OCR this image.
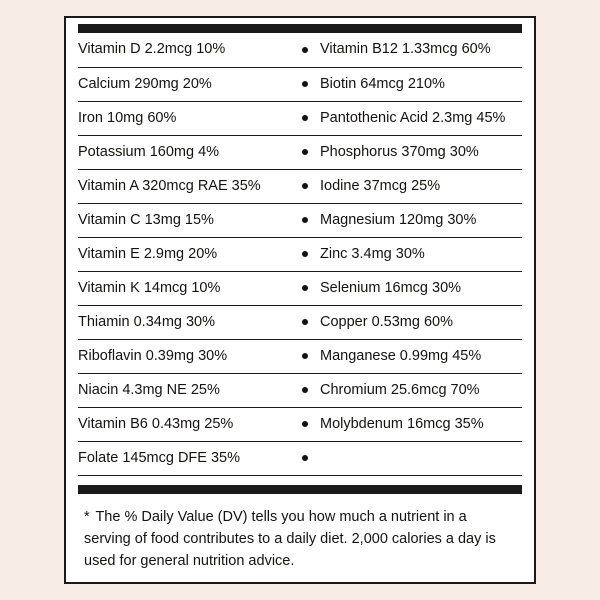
Vitamin D 2.2mcg 10%		Vitamin B12 1.33mcg 60%
Calcium 290mg 20%		Biotin 64mcg 210%
Iron 10mg 60%		Pantothenic Acid 2.3mg 45%
Potassium 160mg 4%		Phosphorus 370mg 30%
Vitamin A 320mcg RAE 35%		Iodine 37mcg 25%
Vitamin C 13mg 15%		Magnesium 120mg 30%
Vitamin E 2.9mg 20%		Zinc 3.4mg 30%
Vitamin K 14mcg 10%		Selenium 16mcg 30%
Thiamin 0.34mg 30%		Copper 0.53mg 60%
Riboflavin 0.39mg 30%		Manganese 0.99mg 45%
Niacin 4.3mg NE 25%		Chromium 25.6mcg 70%
Vitamin B6 0.43mg 25%		Molybdenum 16mcg 35%
Folate 145mcg DFE 35%		
* The % Daily Value (DV) tells you how much a nutrient in a serving of food contributes to a daily diet. 2,000 calories a day is used for general nutrition advice.
